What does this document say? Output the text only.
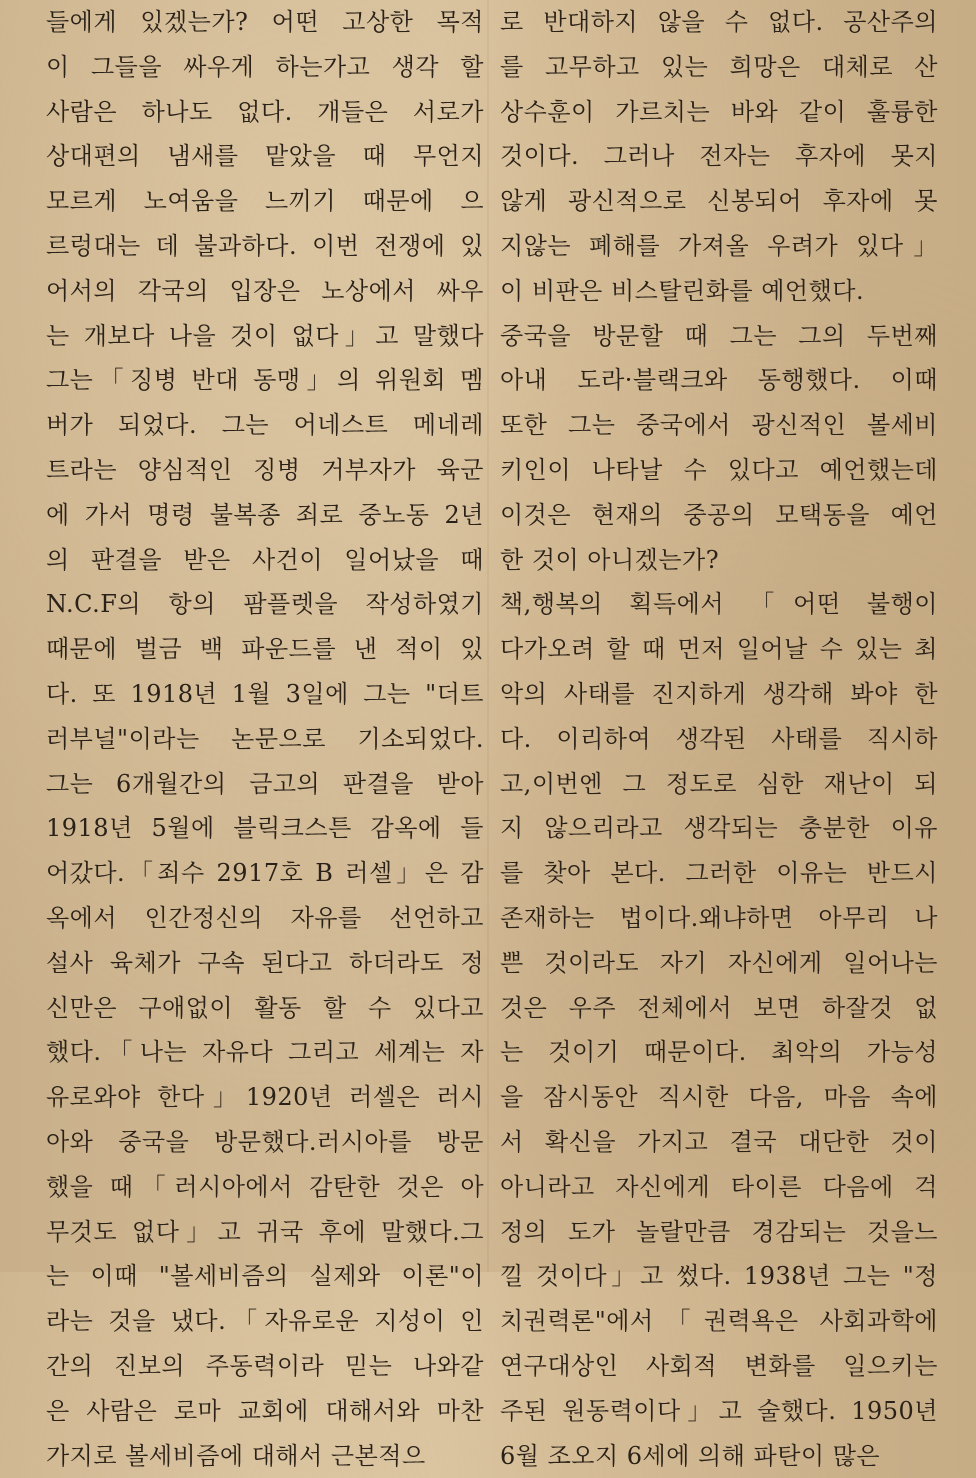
들에게 있겠는가? 어떤 고상한 목적
이 그들을 싸우게 하는가고 생각 할
사람은 하나도 없다. 개들은 서로가
상대편의 냄새를 맡았을 때 무언지
모르게 노여움을 느끼기 때문에 으
르렁대는 데 불과하다. 이번 전쟁에 있
어서의 각국의 입장은 노상에서 싸우
는 개보다 나을 것이 없다」고 말했다
그는「징병 반대 동맹」의 위원회 멤
버가 되었다. 그는 어네스트 메네레
트라는 양심적인 징병 거부자가 육군
에 가서 명령 불복종 죄로 중노동 2년
의 판결을 받은 사건이 일어났을 때
N.C.F의 항의 팜플렛을 작성하였기
때문에 벌금 백 파운드를 낸 적이 있
다. 또 1918년 1월 3일에 그는 "더트
러부널"이라는 논문으로 기소되었다.
그는 6개월간의 금고의 판결을 받아
1918년 5월에 블릭크스튼 감옥에 들
어갔다.「죄수 2917호 B 러셀」은 감
옥에서 인간정신의 자유를 선언하고
설사 육체가 구속 된다고 하더라도 정
신만은 구애없이 활동 할 수 있다고
했다.「나는 자유다 그리고 세계는 자
유로와야 한다」1920년 러셀은 러시
아와 중국을 방문했다.러시아를 방문
했을 때「러시아에서 감탄한 것은 아
무것도 없다」고 귀국 후에 말했다.그
는 이때 "볼세비즘의 실제와 이론"이
라는 것을 냈다.「자유로운 지성이 인
간의 진보의 주동력이라 믿는 나와같
은 사람은 로마 교회에 대해서와 마찬
가지로 볼세비즘에 대해서 근본적으
로 반대하지 않을 수 없다. 공산주의
를 고무하고 있는 희망은 대체로 산
상수훈이 가르치는 바와 같이 훌륭한
것이다. 그러나 전자는 후자에 못지
않게 광신적으로 신봉되어 후자에 못
지않는 폐해를 가져올 우려가 있다」
이 비판은 비스탈린화를 예언했다.
중국을 방문할 때 그는 그의 두번째
아내 도라·블랙크와 동행했다. 이때
또한 그는 중국에서 광신적인 볼세비
키인이 나타날 수 있다고 예언했는데
이것은 현재의 중공의 모택동을 예언
한 것이 아니겠는가?
책,행복의 획득에서 「어떤 불행이
다가오려 할 때 먼저 일어날 수 있는 최
악의 사태를 진지하게 생각해 봐야 한
다. 이리하여 생각된 사태를 직시하
고,이번엔 그 정도로 심한 재난이 되
지 않으리라고 생각되는 충분한 이유
를 찾아 본다. 그러한 이유는 반드시
존재하는 법이다.왜냐하면 아무리 나
쁜 것이라도 자기 자신에게 일어나는
것은 우주 전체에서 보면 하잘것 없
는 것이기 때문이다. 최악의 가능성
을 잠시동안 직시한 다음, 마음 속에
서 확신을 가지고 결국 대단한 것이
아니라고 자신에게 타이른 다음에 걱
정의 도가 놀랄만큼 경감되는 것을느
낄 것이다」고 썼다. 1938년 그는 "정
치권력론"에서「권력욕은 사회과학에
연구대상인 사회적 변화를 일으키는
주된 원동력이다」고 술했다. 1950년
6월 조오지 6세에 의해 파탄이 많은
